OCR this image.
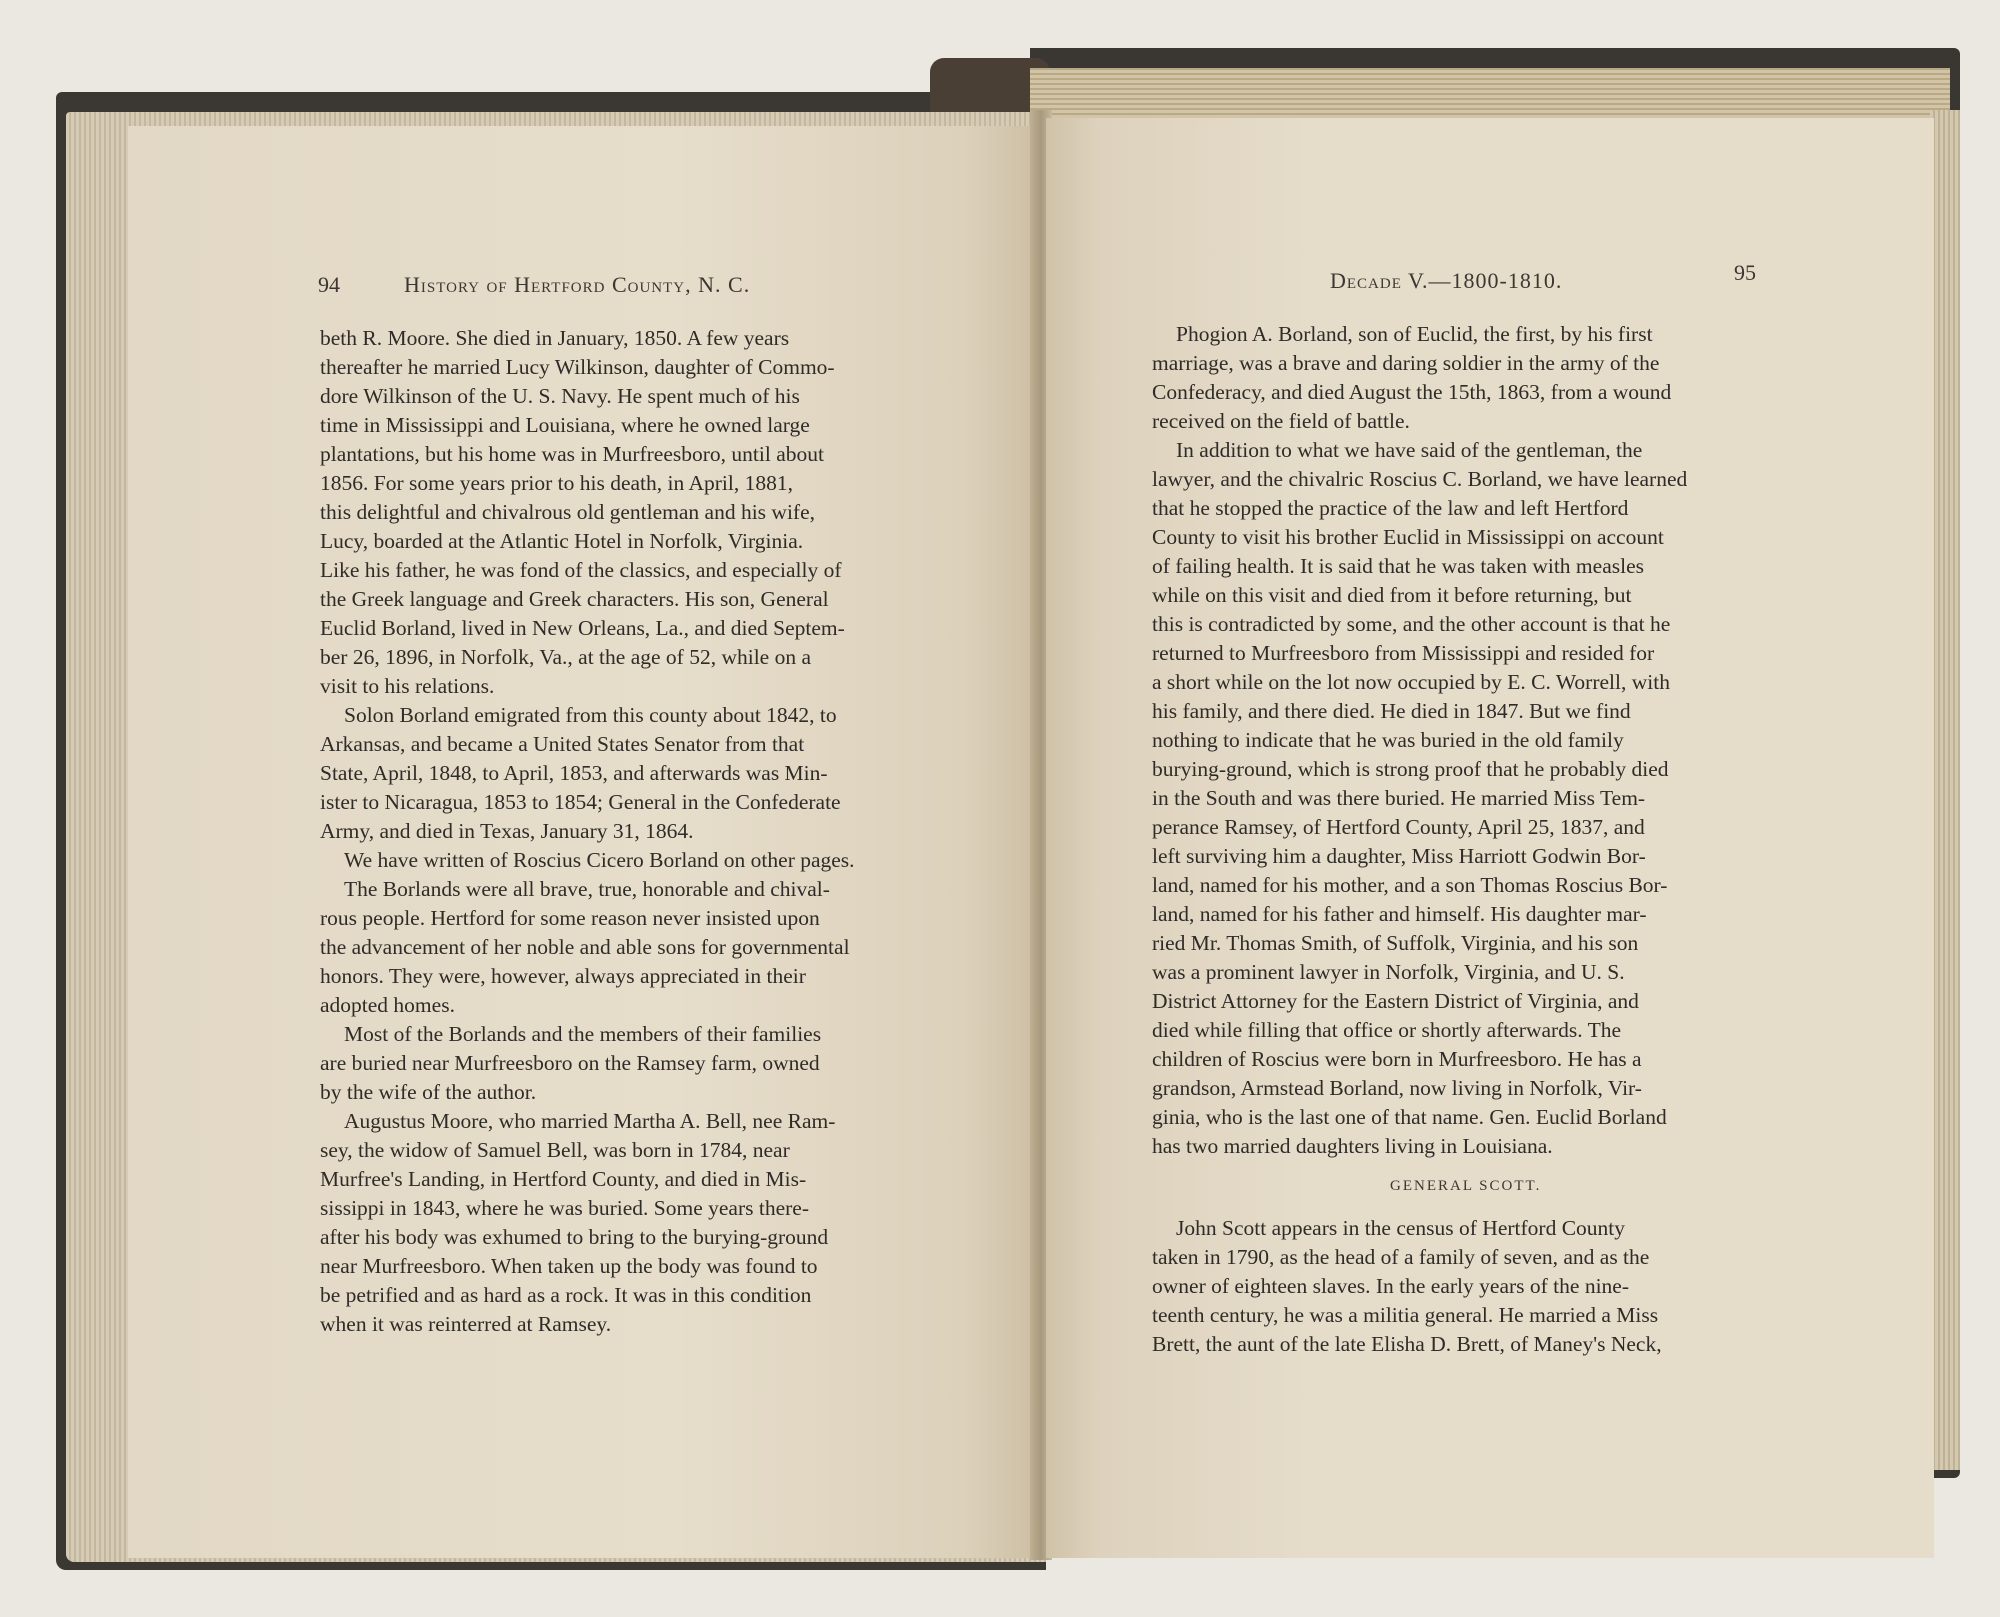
94	History of Hertford County, N. C.
beth R. Moore. She died in January, 1850. A few years
thereafter he married Lucy Wilkinson, daughter of Commo-
dore Wilkinson of the U. S. Navy. He spent much of his
time in Mississippi and Louisiana, where he owned large
plantations, but his home was in Murfreesboro, until about
1856. For some years prior to his death, in April, 1881,
this delightful and chivalrous old gentleman and his wife,
Lucy, boarded at the Atlantic Hotel in Norfolk, Virginia.
Like his father, he was fond of the classics, and especially of
the Greek language and Greek characters. His son, General
Euclid Borland, lived in New Orleans, La., and died Septem-
ber 26, 1896, in Norfolk, Va., at the age of 52, while on a
visit to his relations.
Solon Borland emigrated from this county about 1842, to
Arkansas, and became a United States Senator from that
State, April, 1848, to April, 1853, and afterwards was Min-
ister to Nicaragua, 1853 to 1854; General in the Confederate
Army, and died in Texas, January 31, 1864.
We have written of Roscius Cicero Borland on other pages.
The Borlands were all brave, true, honorable and chival-
rous people. Hertford for some reason never insisted upon
the advancement of her noble and able sons for governmental
honors. They were, however, always appreciated in their
adopted homes.
Most of the Borlands and the members of their families
are buried near Murfreesboro on the Ramsey farm, owned
by the wife of the author.
Augustus Moore, who married Martha A. Bell, nee Ram-
sey, the widow of Samuel Bell, was born in 1784, near
Murfree's Landing, in Hertford County, and died in Mis-
sissippi in 1843, where he was buried. Some years there-
after his body was exhumed to bring to the burying-ground
near Murfreesboro. When taken up the body was found to
be petrified and as hard as a rock. It was in this condition
when it was reinterred at Ramsey.
Decade V.—1800-1810.	95
Phogion A. Borland, son of Euclid, the first, by his first
marriage, was a brave and daring soldier in the army of the
Confederacy, and died August the 15th, 1863, from a wound
received on the field of battle.
In addition to what we have said of the gentleman, the
lawyer, and the chivalric Roscius C. Borland, we have learned
that he stopped the practice of the law and left Hertford
County to visit his brother Euclid in Mississippi on account
of failing health. It is said that he was taken with measles
while on this visit and died from it before returning, but
this is contradicted by some, and the other account is that he
returned to Murfreesboro from Mississippi and resided for
a short while on the lot now occupied by E. C. Worrell, with
his family, and there died. He died in 1847. But we find
nothing to indicate that he was buried in the old family
burying-ground, which is strong proof that he probably died
in the South and was there buried. He married Miss Tem-
perance Ramsey, of Hertford County, April 25, 1837, and
left surviving him a daughter, Miss Harriott Godwin Bor-
land, named for his mother, and a son Thomas Roscius Bor-
land, named for his father and himself. His daughter mar-
ried Mr. Thomas Smith, of Suffolk, Virginia, and his son
was a prominent lawyer in Norfolk, Virginia, and U. S.
District Attorney for the Eastern District of Virginia, and
died while filling that office or shortly afterwards. The
children of Roscius were born in Murfreesboro. He has a
grandson, Armstead Borland, now living in Norfolk, Vir-
ginia, who is the last one of that name. Gen. Euclid Borland
has two married daughters living in Louisiana.
GENERAL SCOTT.
John Scott appears in the census of Hertford County
taken in 1790, as the head of a family of seven, and as the
owner of eighteen slaves. In the early years of the nine-
teenth century, he was a militia general. He married a Miss
Brett, the aunt of the late Elisha D. Brett, of Maney's Neck,
